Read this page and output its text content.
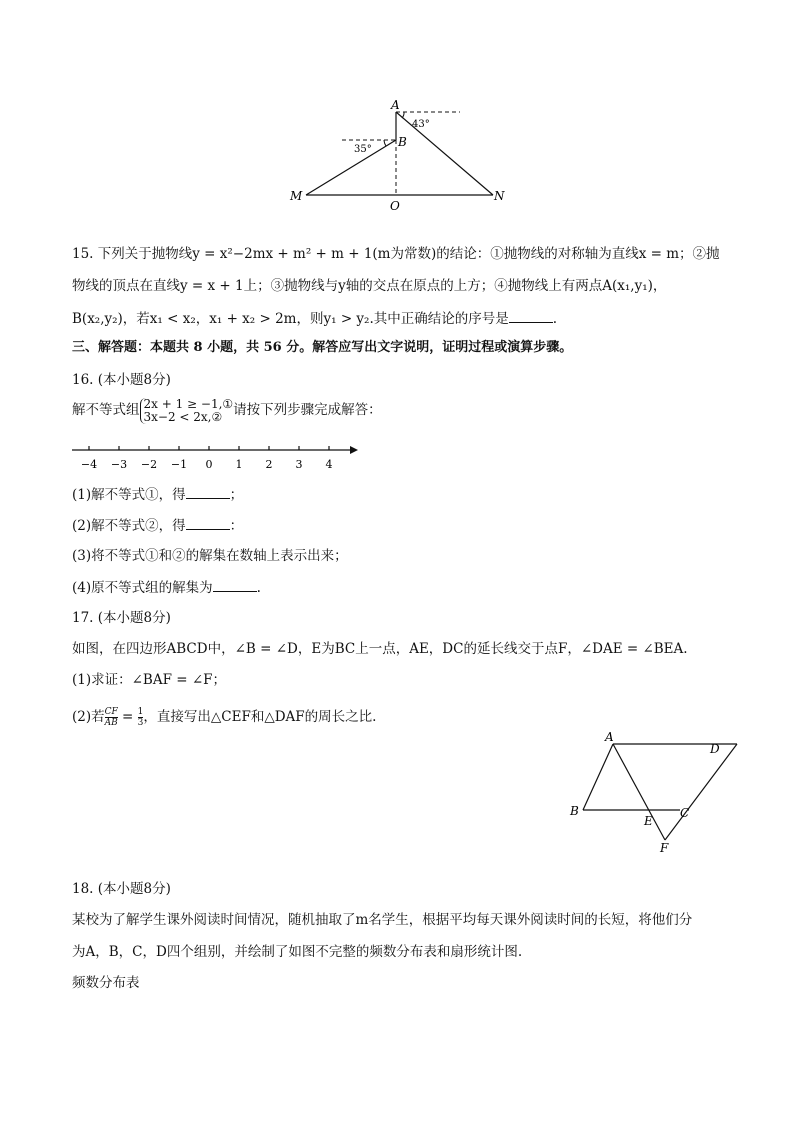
A
B
M	N
O
43°
35°
15. 下列关于抛物线y = x²−2mx + m² + m + 1(m为常数)的结论：①抛物线的对称轴为直线x = m；②抛
物线的顶点在直线y = x + 1上；③抛物线与y轴的交点在原点的上方；④抛物线上有两点A(x₁,y₁)，
B(x₂,y₂)，若x₁ < x₂，x₁ + x₂ > 2m，则y₁ > y₂.其中正确结论的序号是	.
三、解答题：本题共 8 小题，共 56 分。解答应写出文字说明，证明过程或演算步骤。
16. (本小题8分)
解不等式组 2x + 1 ≥ −1,①
3x−2 < 2x,② 请按下列步骤完成解答：
−4 −3 −2 −1 0 1 2 3 4
(1)解不等式①，得	；
(2)解不等式②，得	：
(3)将不等式①和②的解集在数轴上表示出来；
(4)原不等式组的解集为	.
17. (本小题8分)
如图，在四边形ABCD中，∠B = ∠D，E为BC上一点，AE，DC的延长线交于点F，∠DAE = ∠BEA.
(1)求证：∠BAF = ∠F；
(2)若 $\frac{CF}{AB} = \frac{1}{3}$ ，直接写出△CEF和△DAF的周长之比.
A
B	C
D
E
F
18. (本小题8分)
某校为了解学生课外阅读时间情况，随机抽取了m名学生，根据平均每天课外阅读时间的长短，将他们分
为A，B，C，D四个组别，并绘制了如图不完整的频数分布表和扇形统计图.
频数分布表
